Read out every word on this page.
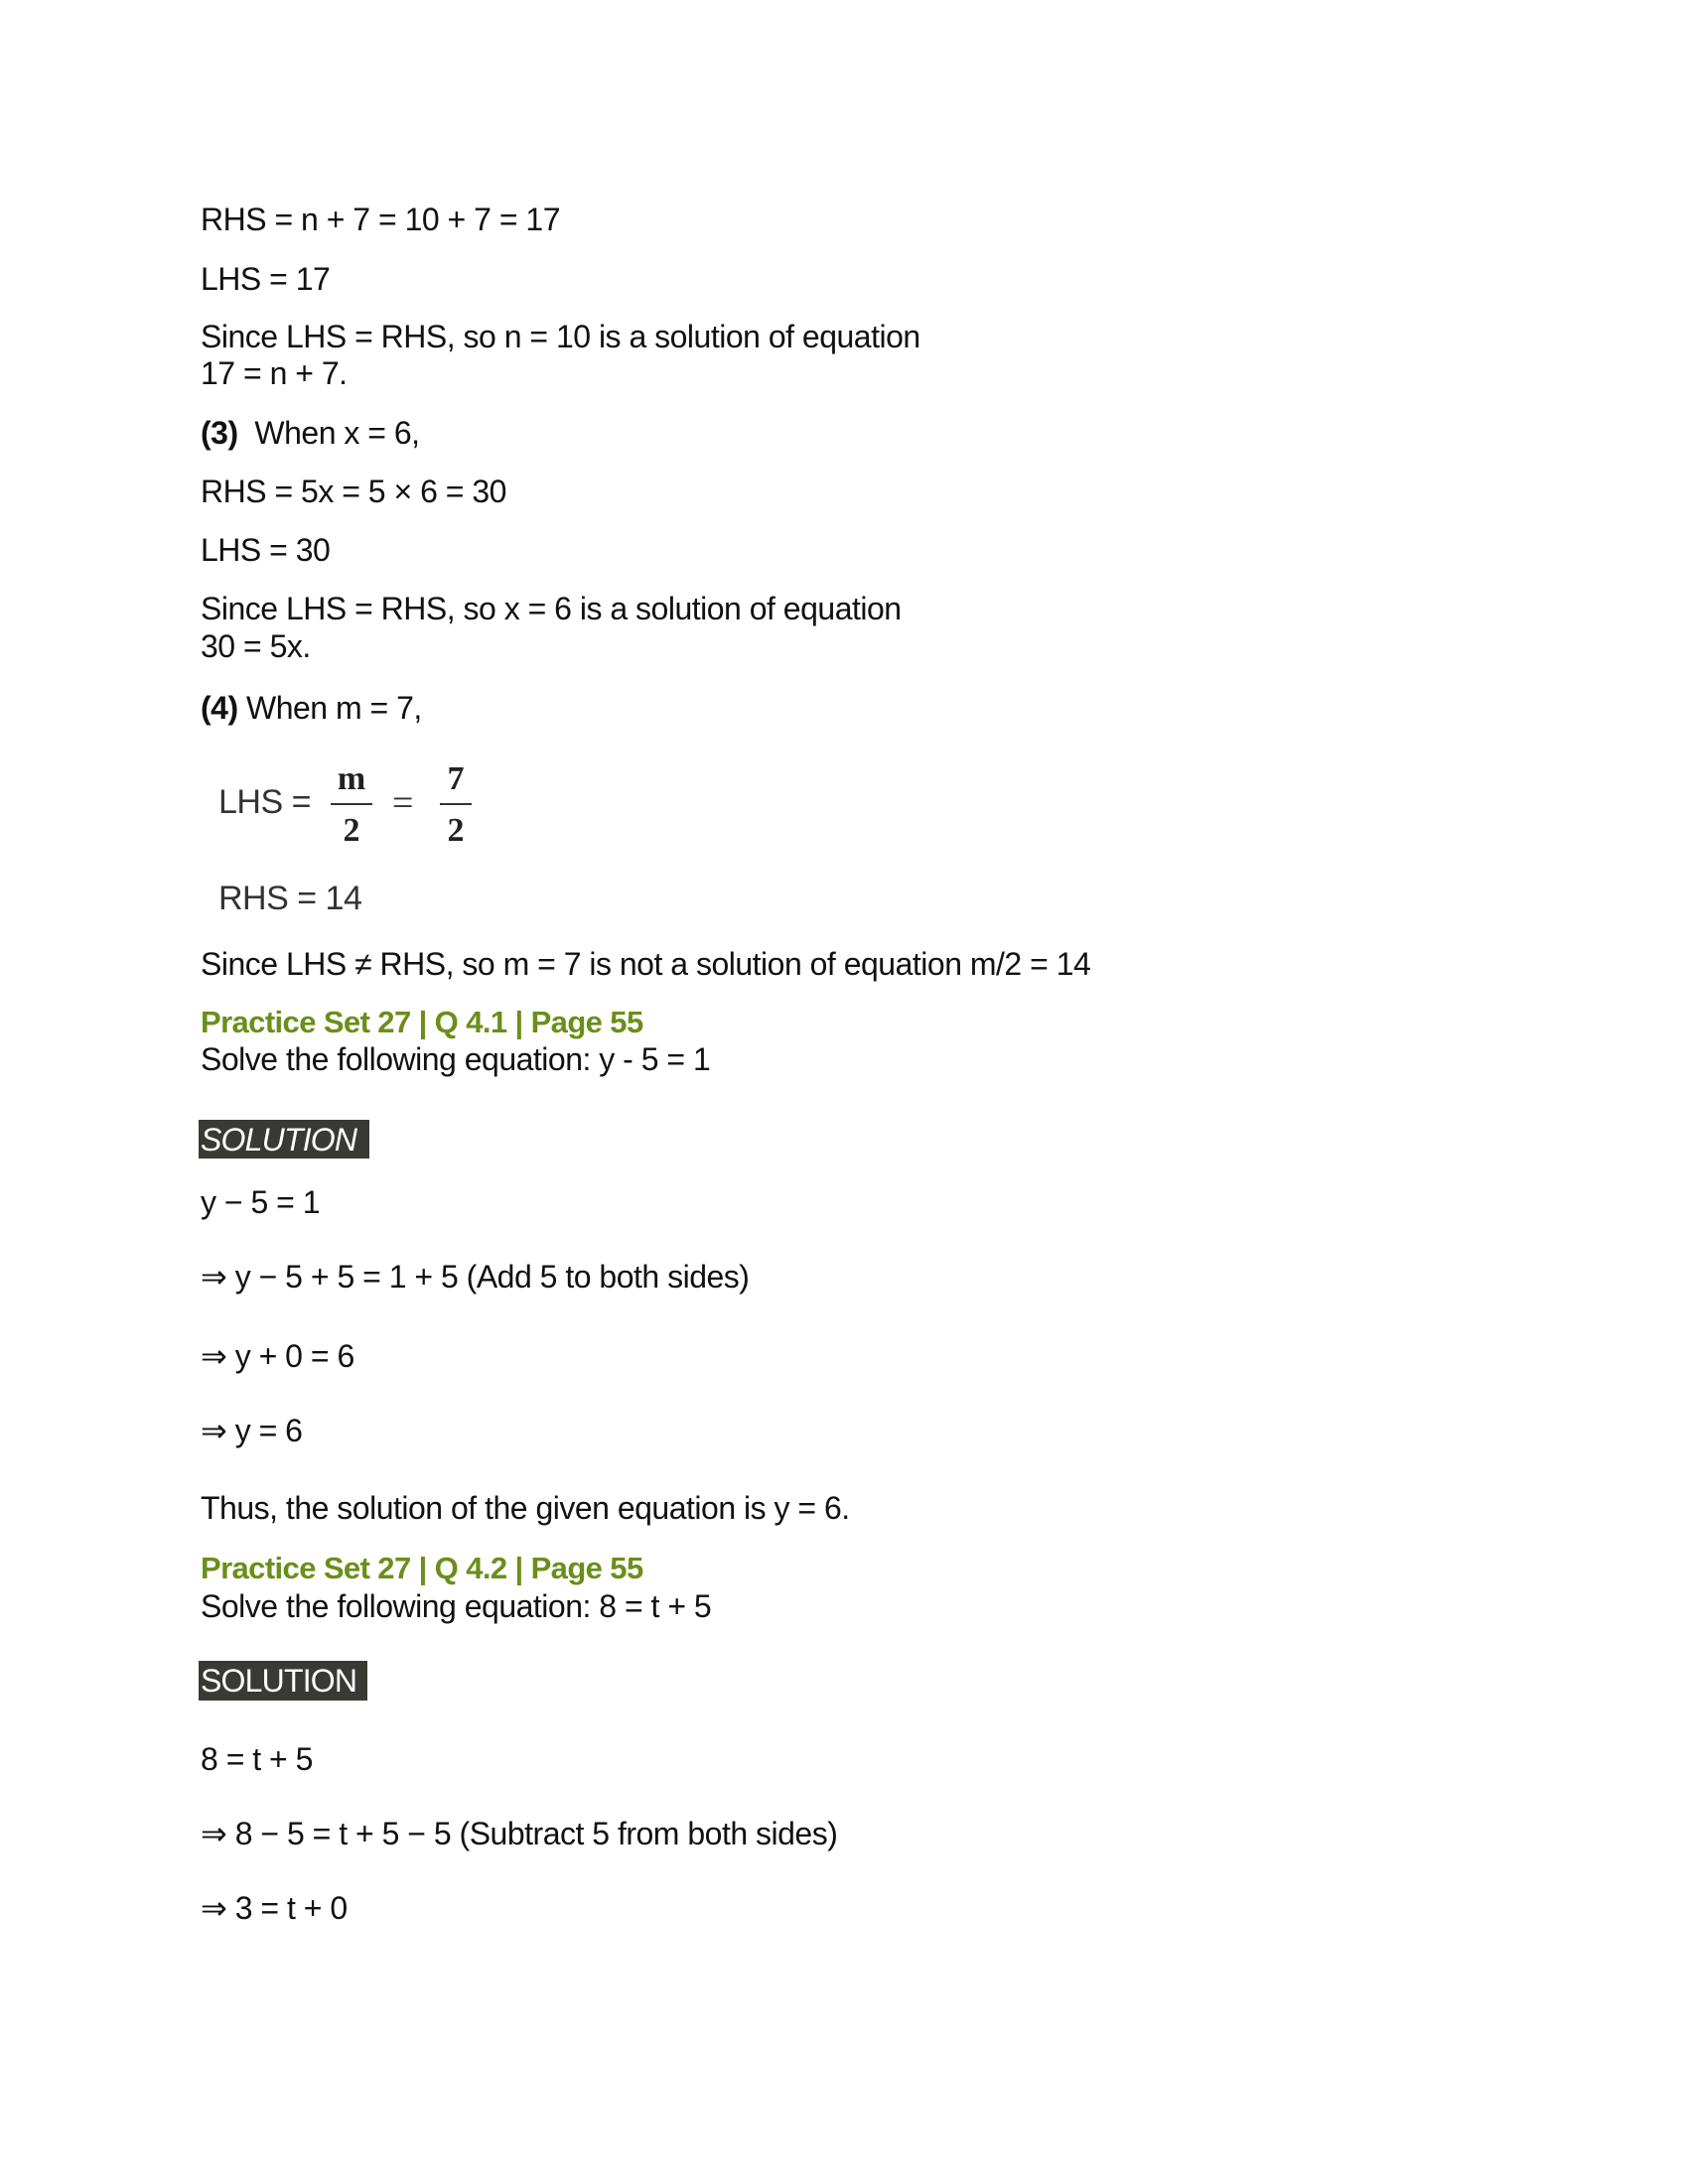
RHS = n + 7 = 10 + 7 = 17
LHS = 17
Since LHS = RHS, so n = 10 is a solution of equation
17 = n + 7.
(3) When x = 6,
RHS = 5x = 5 × 6 = 30
LHS = 30
Since LHS = RHS, so x = 6 is a solution of equation
30 = 5x.
(4) When m = 7,
LHS =
m
2
=
7
2
RHS = 14
Since LHS ≠ RHS, so m = 7 is not a solution of equation m/2 = 14
Practice Set 27 | Q 4.1 | Page 55
Solve the following equation: y - 5 = 1
SOLUTION
y − 5 = 1
⇒ y − 5 + 5 = 1 + 5 (Add 5 to both sides)
⇒ y + 0 = 6
⇒ y = 6
Thus, the solution of the given equation is y = 6.
Practice Set 27 | Q 4.2 | Page 55
Solve the following equation: 8 = t + 5
SOLUTION
8 = t + 5
⇒ 8 − 5 = t + 5 − 5 (Subtract 5 from both sides)
⇒ 3 = t + 0
